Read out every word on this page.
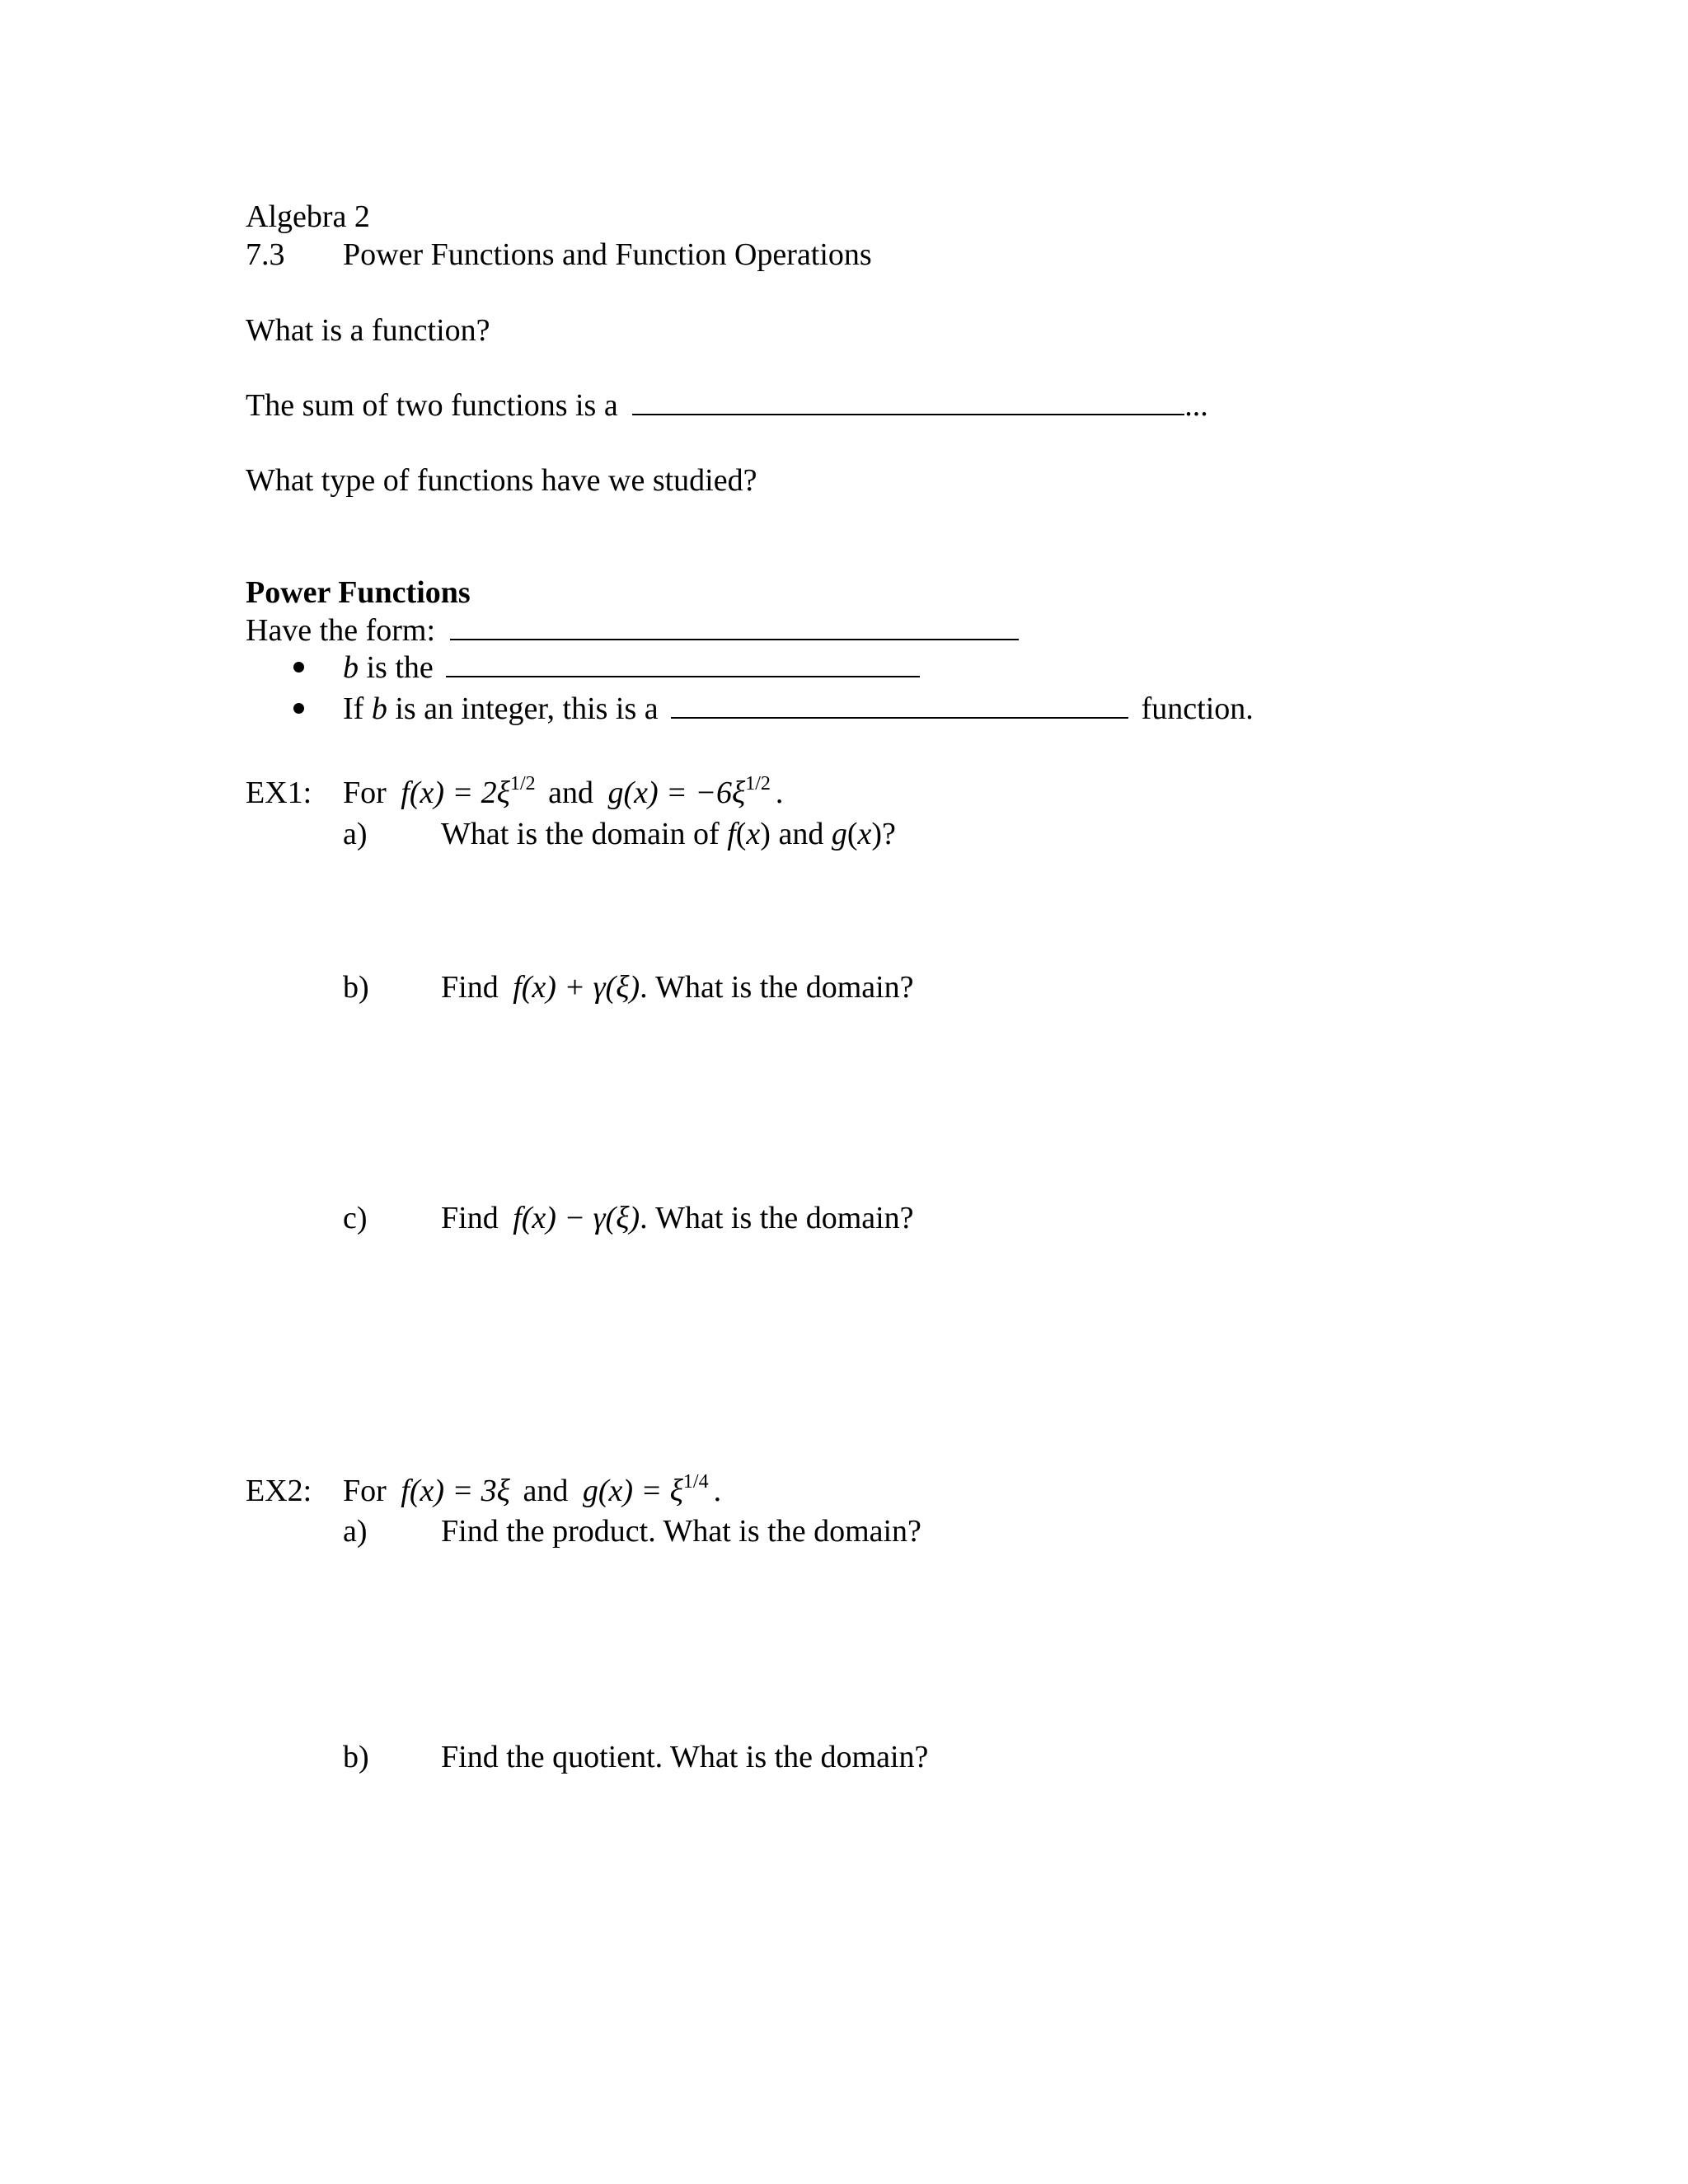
Algebra 2
7.3 Power Functions and Function Operations
What is a function?
The sum of two functions is a	...
What type of functions have we studied?
Power Functions
Have the form:
b is the
If b is an integer, this is a	function.
EX1: For $f(x) = 2\xi^{1/2}$ and $g(x) = -6\xi^{1/2}$ .
a) What is the domain of f(x) and g(x)?
b) Find f(x) + γ(ξ). What is the domain?
c) Find f(x) − γ(ξ). What is the domain?
EX2: For f(x) = 3ξ and $g(x) = \xi^{1/4}$ .
a) Find the product. What is the domain?
b) Find the quotient. What is the domain?
